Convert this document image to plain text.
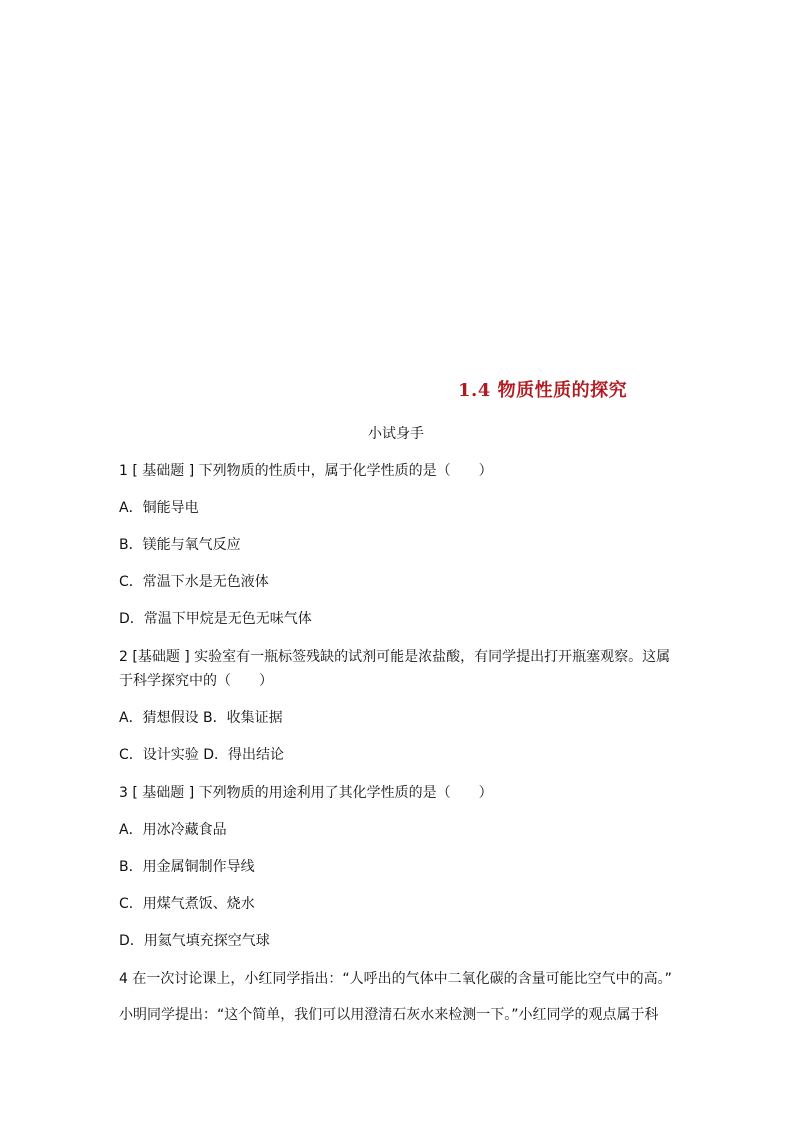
1.4 物质性质的探究

小试身手

1 [ 基础题 ] 下列物质的性质中，属于化学性质的是（　　）

A．铜能导电

B．镁能与氧气反应

C．常温下水是无色液体

D．常温下甲烷是无色无味气体

2 [基础题 ] 实验室有一瓶标签残缺的试剂可能是浓盐酸，有同学提出打开瓶塞观察。这属

于科学探究中的（　　）

A．猜想假设 B．收集证据

C．设计实验 D．得出结论

3 [ 基础题 ] 下列物质的用途利用了其化学性质的是（　　）

A．用冰冷藏食品

B．用金属铜制作导线

C．用煤气煮饭、烧水

D．用氦气填充探空气球

4 在一次讨论课上，小红同学指出：“人呼出的气体中二氧化碳的含量可能比空气中的高。”

小明同学提出：“这个简单，我们可以用澄清石灰水来检测一下。”小红同学的观点属于科
